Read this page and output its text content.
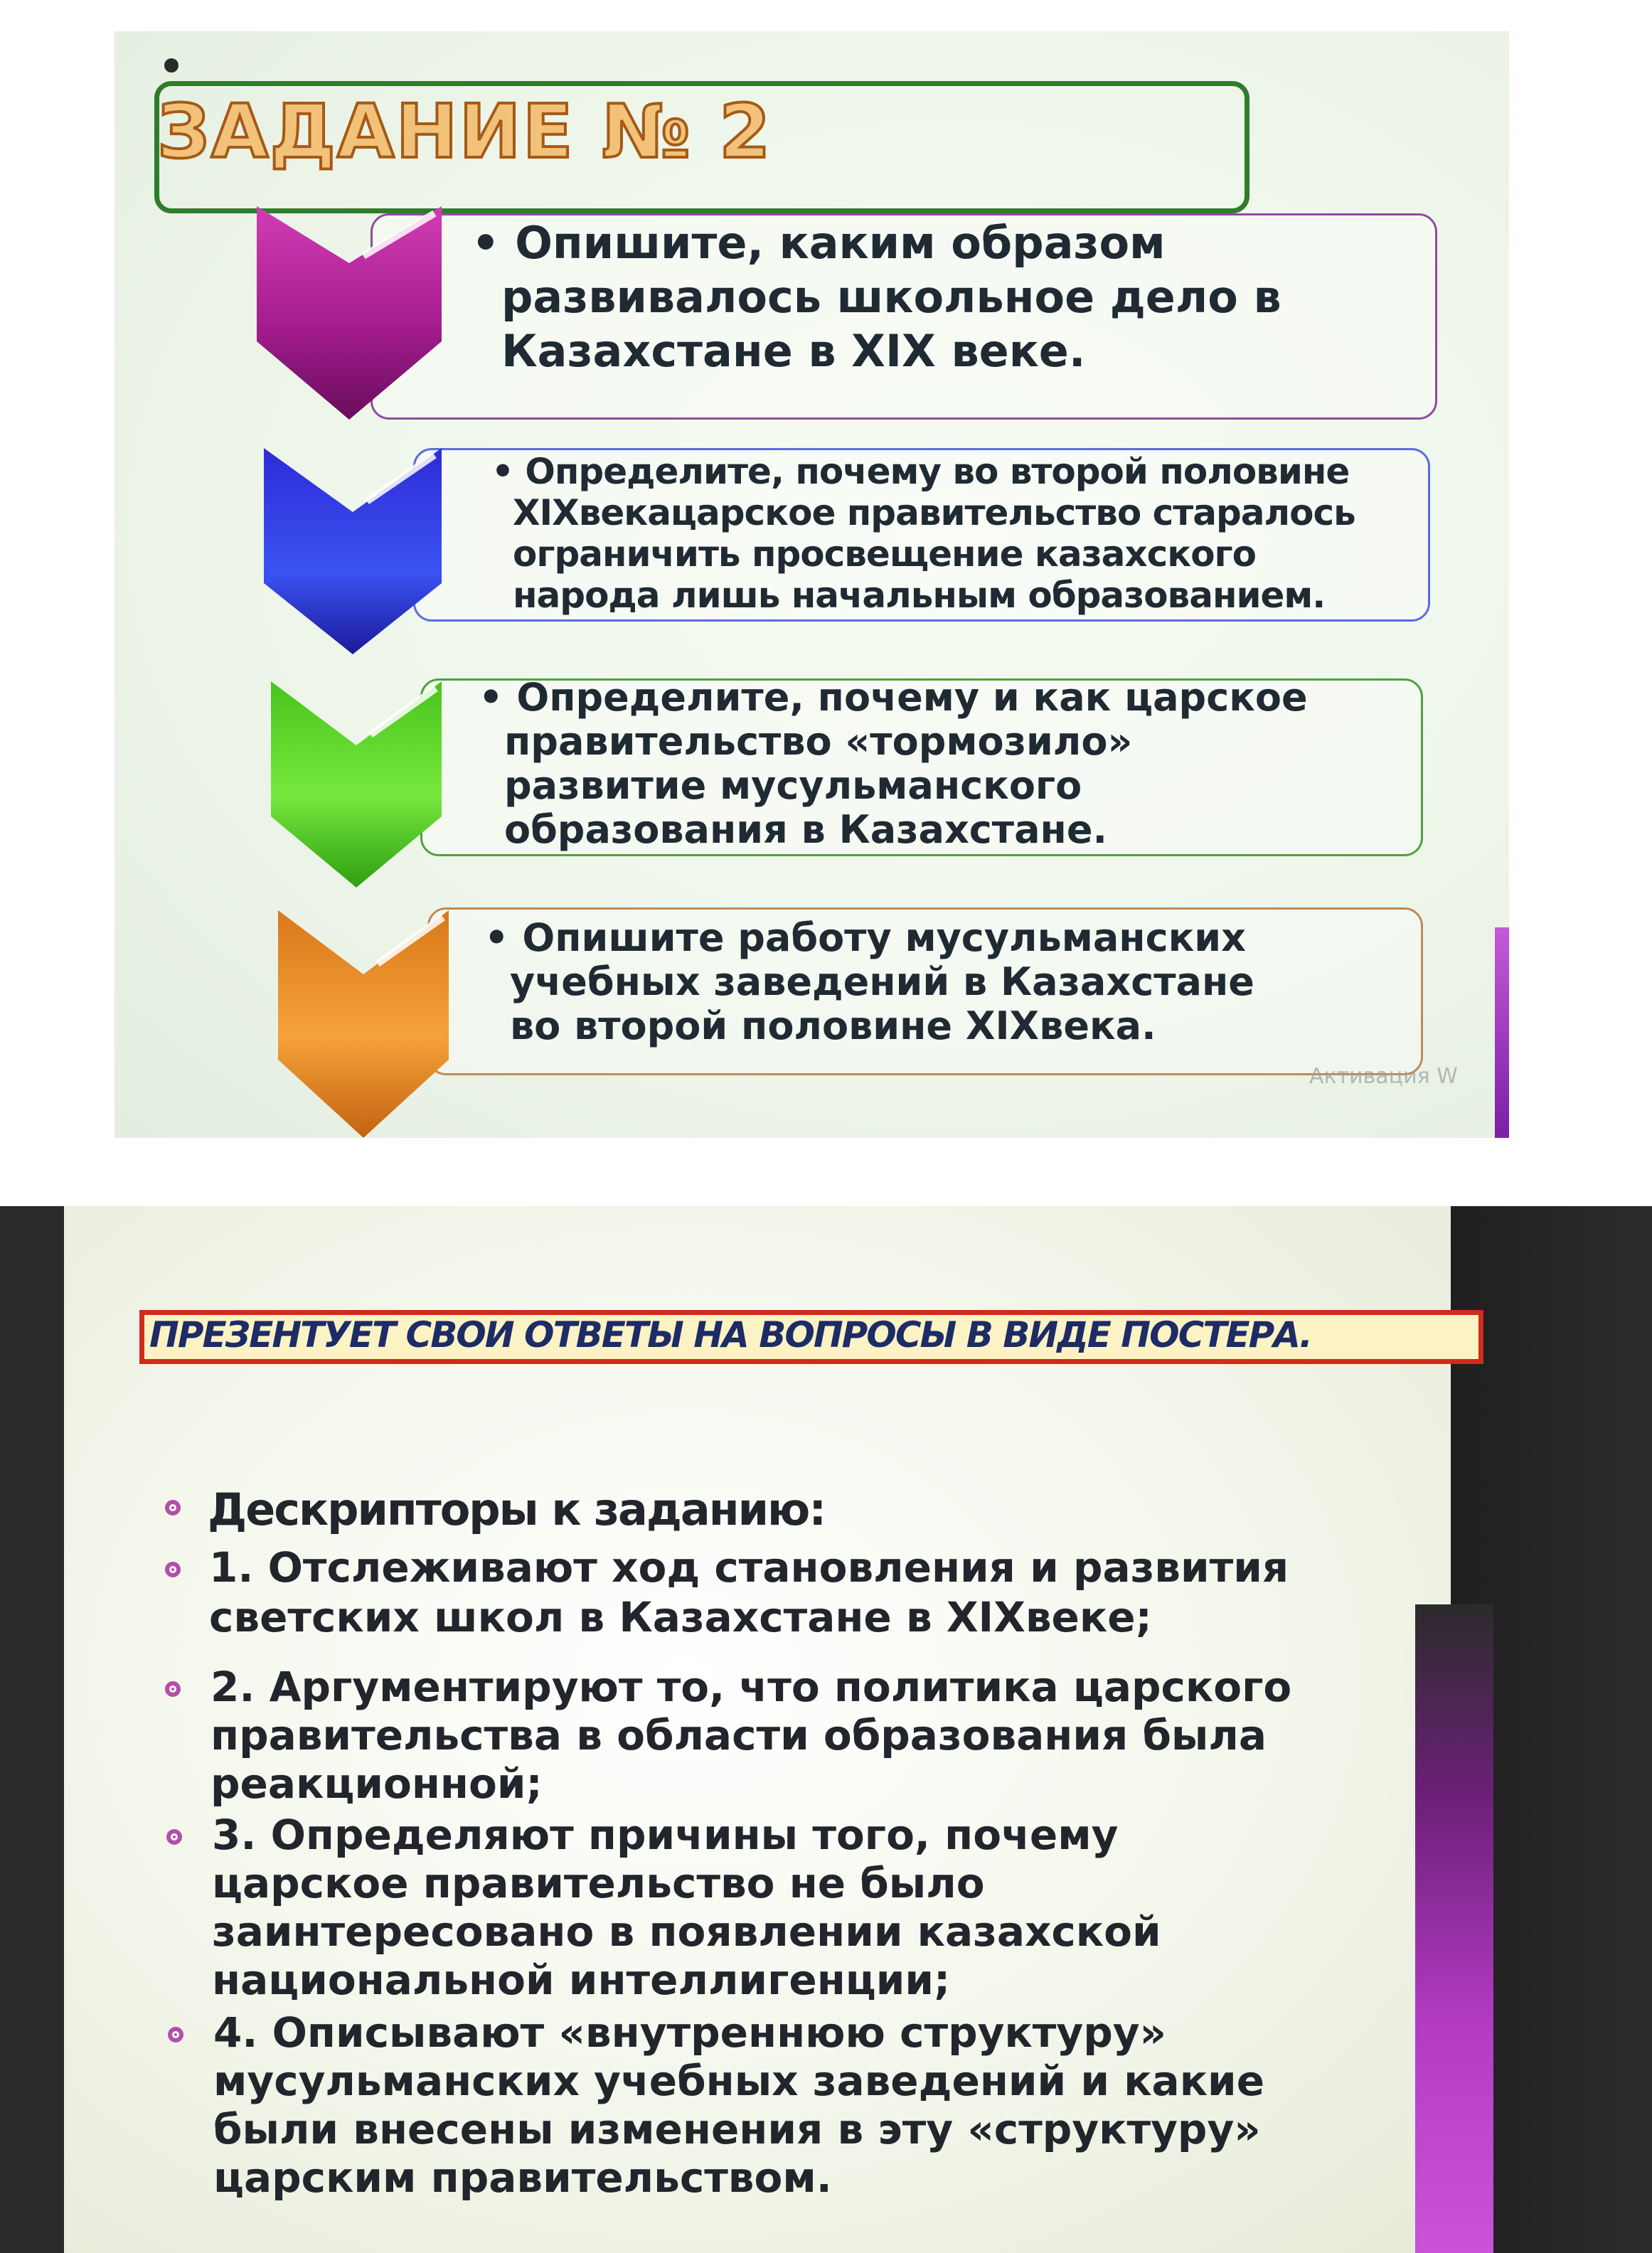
ЗАДАНИЕ № 2
• Опишите, каким образом
развивалось школьное дело в
Казахстане в XIX веке.
• Определите, почему во второй половине
XIXвекацарское правительство старалось
ограничить просвещение казахского
народа лишь начальным образованием.
• Определите, почему и как царское
правительство «тормозило»
развитие мусульманского
образования в Казахстане.
• Опишите работу мусульманских
учебных заведений в Казахстане
во второй половине XIXвека.
Активация W
ПРЕЗЕНТУЕТ СВОИ ОТВЕТЫ НА ВОПРОСЫ В ВИДЕ ПОСТЕРА.
Дескрипторы к заданию:
1. Отслеживают ход становления и развития
светских школ в Казахстане в XIXвеке;
2. Аргументируют то, что политика царского
правительства в области образования была
реакционной;
3. Определяют причины того, почему
царское правительство не было
заинтересовано в появлении казахской
национальной интеллигенции;
4. Описывают «внутреннюю структуру»
мусульманских учебных заведений и какие
были внесены изменения в эту «структуру»
царским правительством.
